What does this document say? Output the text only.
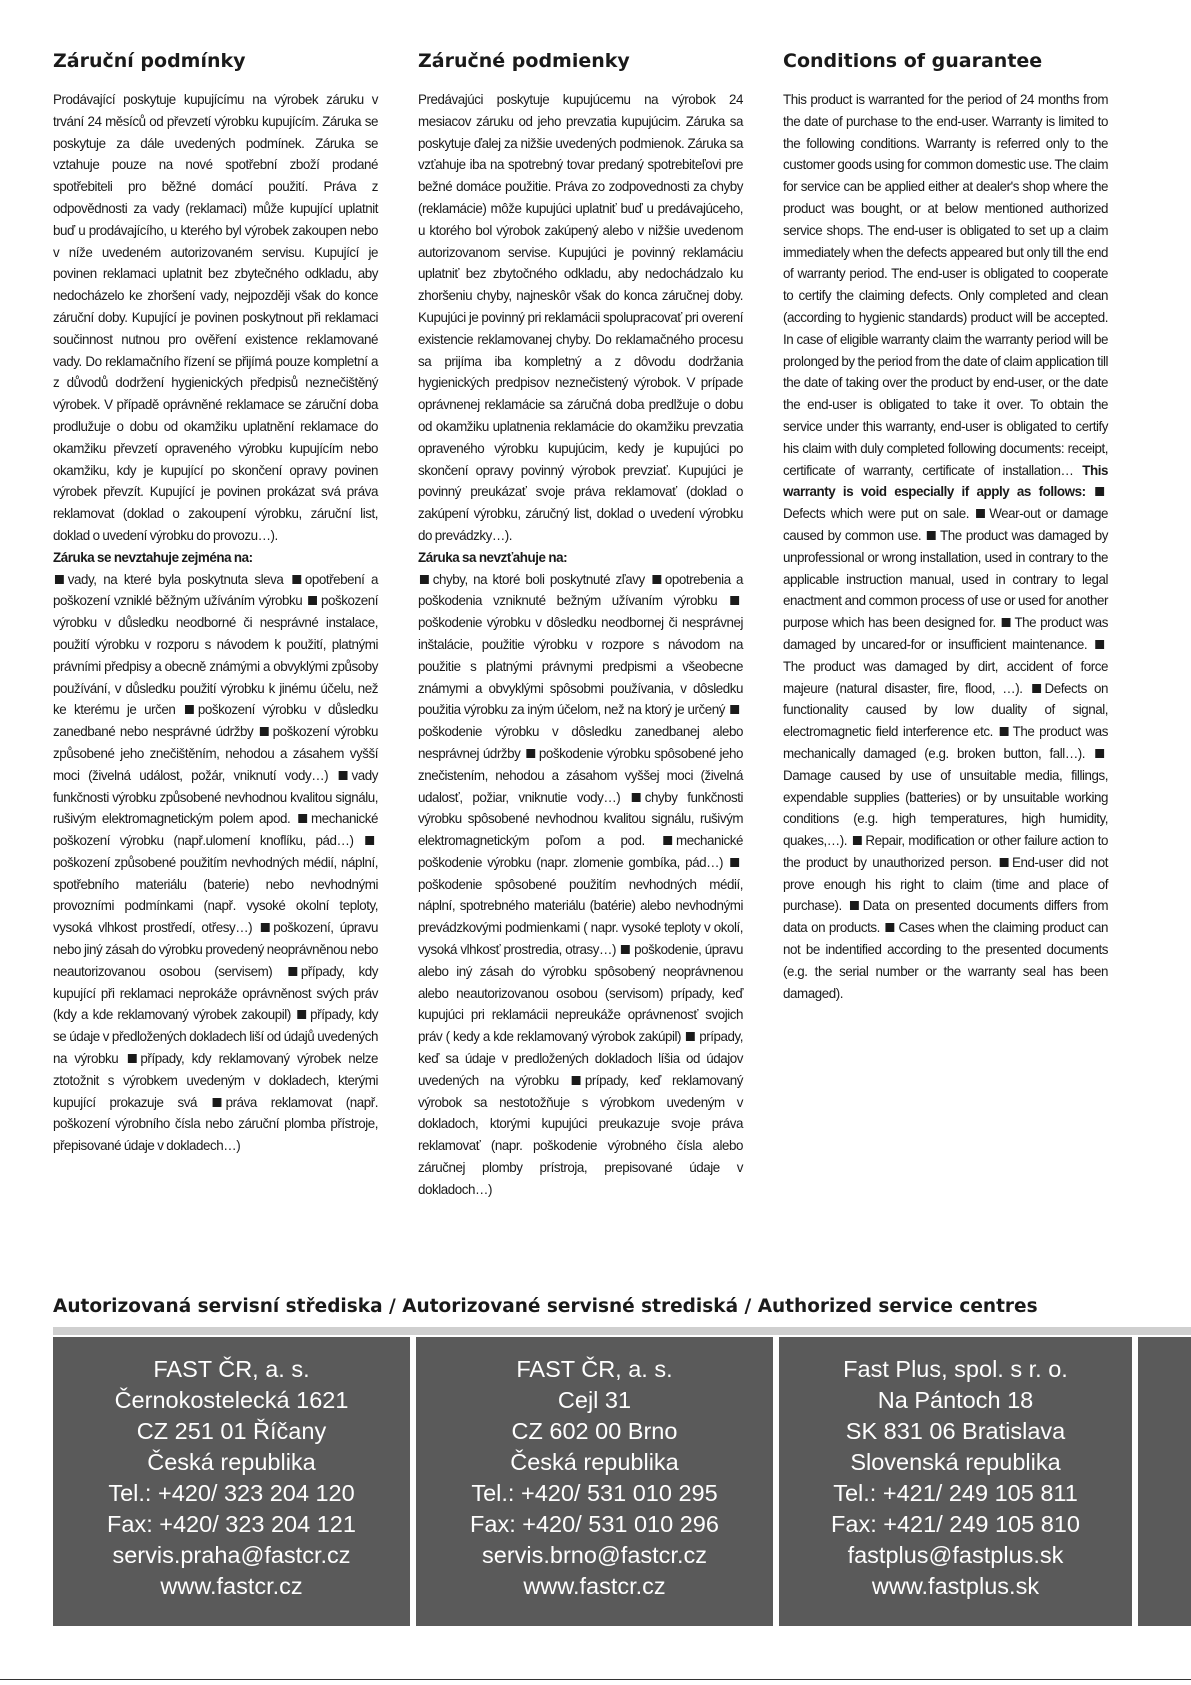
Záruční podmínky

Prodávající poskytuje kupujícímu na výrobek záruku v trvání 24 měsíců od převzetí výrobku kupujícím. Záruka se poskytuje za dále uvedených podmínek. Záruka se vztahuje pouze na nové spotřební zboží prodané spotřebiteli pro běžné domácí použití. Práva z odpovědnosti za vady (reklamaci) může kupující uplatnit buď u prodávajícího, u kterého byl výrobek zakoupen nebo v níže uvedeném autorizovaném servisu. Kupující je povinen reklamaci uplatnit bez zbytečného odkladu, aby nedocházelo ke zhoršení vady, nejpozději však do konce záruční doby. Kupující je povinen poskytnout při reklamaci součinnost nutnou pro ověření existence reklamované vady. Do reklamačního řízení se přijímá pouze kompletní a z důvodů dodržení hygienických předpisů neznečištěný výrobek. V případě oprávněné reklamace se záruční doba prodlužuje o dobu od okamžiku uplatnění reklamace do okamžiku převzetí opraveného výrobku kupujícím nebo okamžiku, kdy je kupující po skončení opravy povinen výrobek převzít. Kupující je povinen prokázat svá práva reklamovat (doklad o zakoupení výrobku, záruční list, doklad o uvedení výrobku do provozu…).
Záruka se nevztahuje zejména na:
vady, na které byla poskytnuta sleva opotřebení a poškození vzniklé běžným užíváním výrobku poškození výrobku v důsledku neodborné či nesprávné instalace, použití výrobku v rozporu s návodem k použití, platnými právními předpisy a obecně známými a obvyklými způsoby používání, v důsledku použití výrobku k jinému účelu, než ke kterému je určen poškození výrobku v důsledku zanedbané nebo nesprávné údržby poškození výrobku způsobené jeho znečištěním, nehodou a zásahem vyšší moci (živelná událost, požár, vniknutí vody…) vady funkčnosti výrobku způsobené nevhodnou kvalitou signálu, rušivým elektromagnetickým polem apod. mechanické poškození výrobku (např.ulomení knoflíku, pád…) poškození způsobené použitím nevhodných médií, náplní, spotřebního materiálu (baterie) nebo nevhodnými provozními podmínkami (např. vysoké okolní teploty, vysoká vlhkost prostředí, otřesy…) poškození, úpravu nebo jiný zásah do výrobku provedený neoprávněnou nebo neautorizovanou osobou (servisem) případy, kdy kupující při reklamaci neprokáže oprávněnost svých práv (kdy a kde reklamovaný výrobek zakoupil) případy, kdy se údaje v předložených dokladech liší od údajů uvedených na výrobku případy, kdy reklamovaný výrobek nelze ztotožnit s výrobkem uvedeným v dokladech, kterými kupující prokazuje svá práva reklamovat (např. poškození výrobního čísla nebo záruční plomba přístroje, přepisované údaje v dokladech…)

Záručné podmienky

Predávajúci poskytuje kupujúcemu na výrobok 24 mesiacov záruku od jeho prevzatia kupujúcim. Záruka sa poskytuje ďalej za nižšie uvedených podmienok. Záruka sa vzťahuje iba na spotrebný tovar predaný spotrebiteľovi pre bežné domáce použitie. Práva zo zodpovednosti za chyby (reklamácie) môže kupujúci uplatniť buď u predávajúceho, u ktorého bol výrobok zakúpený alebo v nižšie uvedenom autorizovanom servise. Kupujúci je povinný reklamáciu uplatniť bez zbytočného odkladu, aby nedochádzalo ku zhoršeniu chyby, najneskôr však do konca záručnej doby. Kupujúci je povinný pri reklamácii spolupracovať pri overení existencie reklamovanej chyby. Do reklamačného procesu sa prijíma iba kompletný a z dôvodu dodržania hygienických predpisov neznečistený výrobok. V prípade oprávnenej reklamácie sa záručná doba predlžuje o dobu od okamžiku uplatnenia reklamácie do okamžiku prevzatia opraveného výrobku kupujúcim, kedy je kupujúci po skončení opravy povinný výrobok prevziať. Kupujúci je povinný preukázať svoje práva reklamovať (doklad o zakúpení výrobku, záručný list, doklad o uvedení výrobku do prevádzky…).
Záruka sa nevzťahuje na:
chyby, na ktoré boli poskytnuté zľavy opotrebenia a poškodenia vzniknuté bežným užívaním výrobku poškodenie výrobku v dôsledku neodbornej či nesprávnej inštalácie, použitie výrobku v rozpore s návodom na použitie s platnými právnymi predpismi a všeobecne známymi a obvyklými spôsobmi používania, v dôsledku použitia výrobku za iným účelom, než na ktorý je určený poškodenie výrobku v dôsledku zanedbanej alebo nesprávnej údržby poškodenie výrobku spôsobené jeho znečistením, nehodou a zásahom vyššej moci (živelná udalosť, požiar, vniknutie vody…) chyby funkčnosti výrobku spôsobené nevhodnou kvalitou signálu, rušivým elektromagnetickým poľom a pod. mechanické poškodenie výrobku (napr. zlomenie gombíka, pád…) poškodenie spôsobené použitím nevhodných médií, náplní, spotrebného materiálu (batérie) alebo nevhodnými prevádzkovými podmienkami ( napr. vysoké teploty v okolí, vysoká vlhkosť prostredia, otrasy…) poškodenie, úpravu alebo iný zásah do výrobku spôsobený neoprávnenou alebo neautorizovanou osobou (servisom) prípady, keď kupujúci pri reklamácii nepreukáže oprávnenosť svojich práv ( kedy a kde reklamovaný výrobok zakúpil) prípady, keď sa údaje v predložených dokladoch líšia od údajov uvedených na výrobku prípady, keď reklamovaný výrobok sa nestotožňuje s výrobkom uvedeným v dokladoch, ktorými kupujúci preukazuje svoje práva reklamovať (napr. poškodenie výrobného čísla alebo záručnej plomby prístroja, prepisované údaje v dokladoch…)

Conditions of guarantee

This product is warranted for the period of 24 months from the date of purchase to the end-user. Warranty is limited to the following conditions. Warranty is referred only to the customer goods using for common domestic use. The claim for service can be applied either at dealer's shop where the product was bought, or at below mentioned authorized service shops. The end-user is obligated to set up a claim immediately when the defects appeared but only till the end of warranty period. The end-user is obligated to cooperate to certify the claiming defects. Only completed and clean (according to hygienic standards) product will be accepted. In case of eligible warranty claim the warranty period will be prolonged by the period from the date of claim application till the date of taking over the product by end-user, or the date the end-user is obligated to take it over. To obtain the service under this warranty, end-user is obligated to certify his claim with duly completed following documents: receipt, certificate of warranty, certificate of installation… This warranty is void especially if apply as follows: Defects which were put on sale. Wear-out or damage caused by common use. The product was damaged by unprofessional or wrong installation, used in contrary to the applicable instruction manual, used in contrary to legal enactment and common process of use or used for another purpose which has been designed for. The product was damaged by uncared-for or insufficient maintenance. The product was damaged by dirt, accident of force majeure (natural disaster, fire, flood, …). Defects on functionality caused by low duality of signal, electromagnetic field interference etc. The product was mechanically damaged (e.g. broken button, fall…). Damage caused by use of unsuitable media, fillings, expendable supplies (batteries) or by unsuitable working conditions (e.g. high temperatures, high humidity, quakes,…). Repair, modification or other failure action to the product by unauthorized person. End-user did not prove enough his right to claim (time and place of purchase). Data on presented documents differs from data on products. Cases when the claiming product can not be indentified according to the presented documents (e.g. the serial number or the warranty seal has been damaged).

Autorizovaná servisní střediska / Autorizované servisné strediská / Authorized service centres
FAST ČR, a. s.
Černokostelecká 1621
CZ 251 01 Říčany
Česká republika
Tel.: +420/ 323 204 120
Fax: +420/ 323 204 121
servis.praha@fastcr.cz
www.fastcr.cz
FAST ČR, a. s.
Cejl 31
CZ 602 00 Brno
Česká republika
Tel.: +420/ 531 010 295
Fax: +420/ 531 010 296
servis.brno@fastcr.cz
www.fastcr.cz
Fast Plus, spol. s r. o.
Na Pántoch 18
SK 831 06 Bratislava
Slovenská republika
Tel.: +421/ 249 105 811
Fax: +421/ 249 105 810
fastplus@fastplus.sk
www.fastplus.sk
